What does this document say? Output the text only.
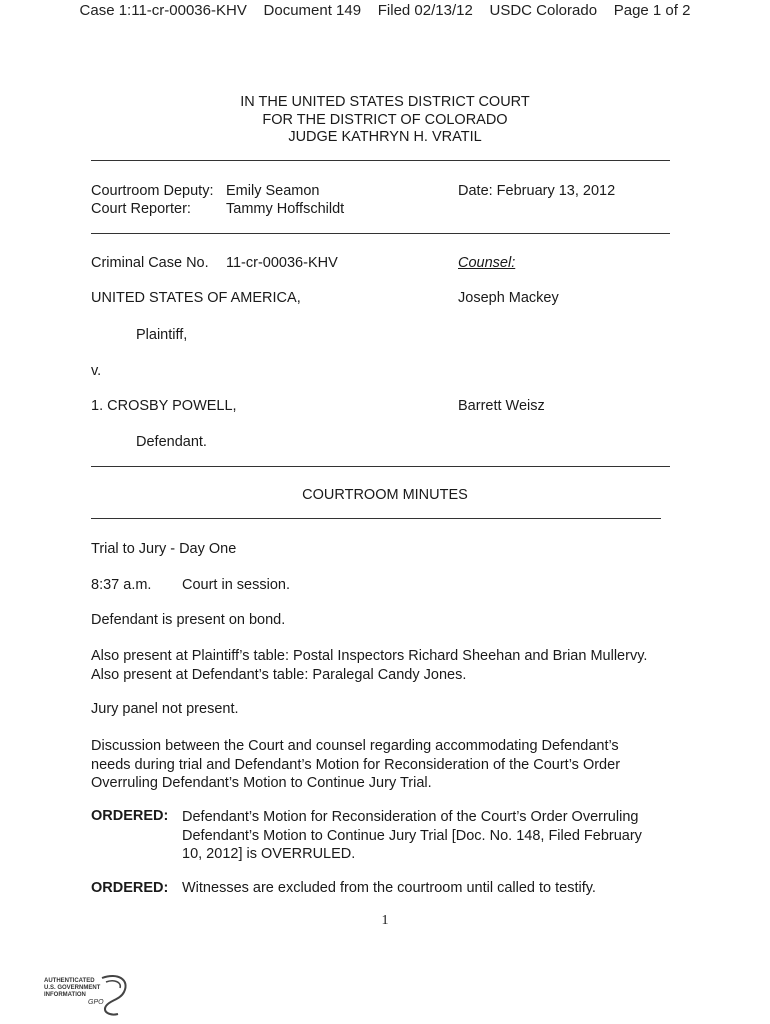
Case 1:11-cr-00036-KHV Document 149 Filed 02/13/12 USDC Colorado Page 1 of 2
IN THE UNITED STATES DISTRICT COURT
FOR THE DISTRICT OF COLORADO
JUDGE KATHRYN H. VRATIL
Courtroom Deputy: Emily Seamon	Date: February 13, 2012
Court Reporter: Tammy Hoffschildt
Criminal Case No. 11-cr-00036-KHV	Counsel:
UNITED STATES OF AMERICA,	Joseph Mackey
Plaintiff,
v.
1. CROSBY POWELL,	Barrett Weisz
Defendant.
COURTROOM MINUTES
Trial to Jury - Day One
8:37 a.m. Court in session.
Defendant is present on bond.
Also present at Plaintiff’s table: Postal Inspectors Richard Sheehan and Brian Mullervy.
Also present at Defendant’s table: Paralegal Candy Jones.
Jury panel not present.
Discussion between the Court and counsel regarding accommodating Defendant’s
needs during trial and Defendant’s Motion for Reconsideration of the Court’s Order
Overruling Defendant’s Motion to Continue Jury Trial.
ORDERED: Defendant’s Motion for Reconsideration of the Court’s Order Overruling
Defendant’s Motion to Continue Jury Trial [Doc. No. 148, Filed February
10, 2012] is OVERRULED.
ORDERED: Witnesses are excluded from the courtroom until called to testify.
1
AUTHENTICATED
U.S. GOVERNMENT
INFORMATION
GPO
